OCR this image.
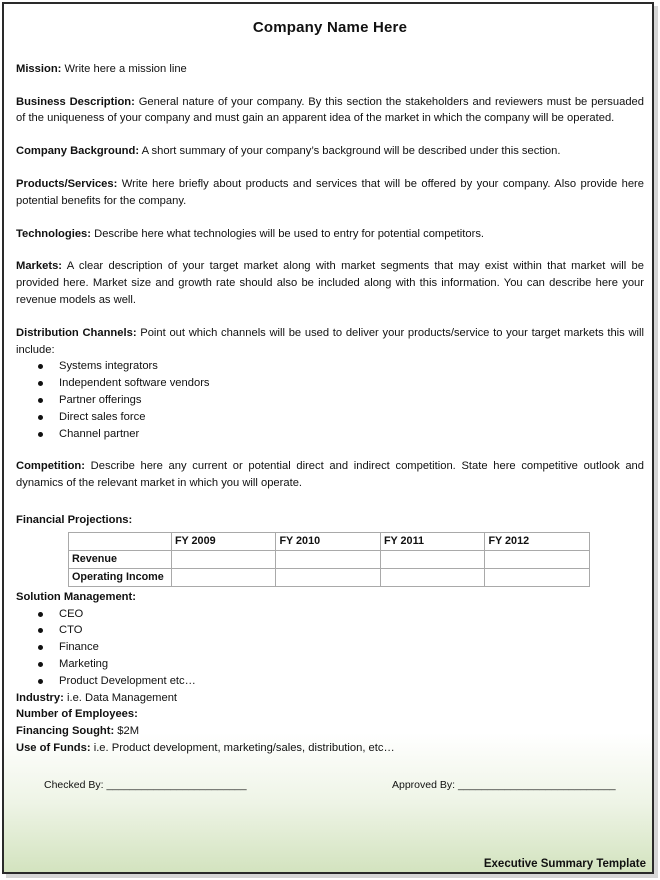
Company Name Here

Mission: Write here a mission line

Business Description: General nature of your company. By this section the stakeholders and reviewers must be persuaded of the uniqueness of your company and must gain an apparent idea of the market in which the company will be operated.

Company Background: A short summary of your company’s background will be described under this section.

Products/Services: Write here briefly about products and services that will be offered by your company. Also provide here potential benefits for the company.

Technologies: Describe here what technologies will be used to entry for potential competitors.

Markets: A clear description of your target market along with market segments that may exist within that market will be provided here. Market size and growth rate should also be included along with this information. You can describe here your revenue models as well.

Distribution Channels: Point out which channels will be used to deliver your products/service to your target markets this will include:

Systems integrators
Independent software vendors
Partner offerings
Direct sales force
Channel partner

Competition: Describe here any current or potential direct and indirect competition. State here competitive outlook and dynamics of the relevant market in which you will operate.

Financial Projections:
	FY 2009	FY 2010	FY 2011	FY 2012
Revenue				
Operating Income				
Solution Management:
CEO
CTO
Finance
Marketing
Product Development etc…
Industry: i.e. Data Management
Number of Employees:
Financing Sought: $2M
Use of Funds: i.e. Product development, marketing/sales, distribution, etc…
Checked By: ________________________	Approved By: ___________________________
Executive Summary Template
